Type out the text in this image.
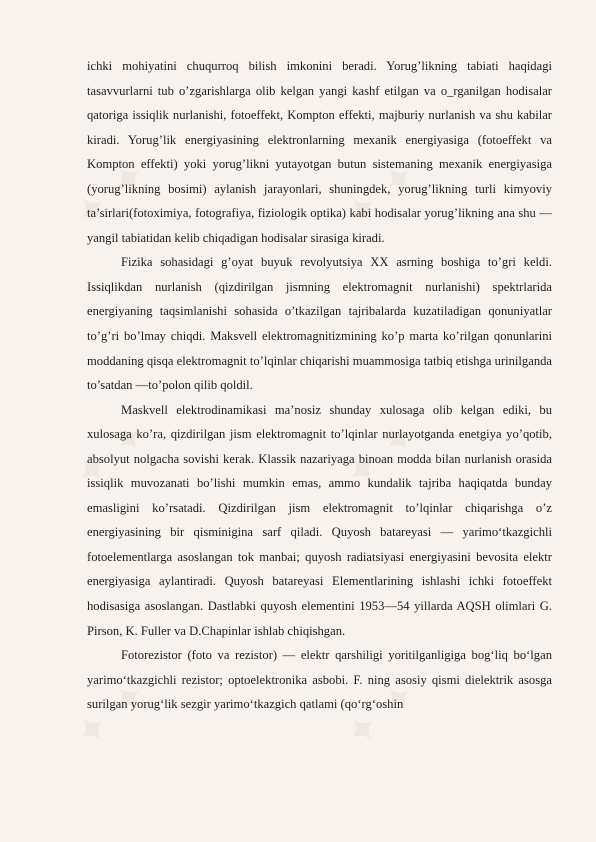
✦ ✦	✦ ✦
✦ ✦	✦ ✦
✦ ✦	✦ ✦

ichki mohiyatini chuqurroq bilish imkonini beradi. Yorug’likning tabiati haqidagi tasavvurlarni tub o’zgarishlarga olib kelgan yangi kashf etilgan va o_rganilgan hodisalar qatoriga issiqlik nurlanishi, fotoeffekt, Kompton effekti, majburiy nurlanish va shu kabilar kiradi. Yorug’lik energiyasining elektronlarning mexanik energiyasiga (fotoeffekt va Kompton effekti) yoki yorug’likni yutayotgan butun sistemaning mexanik energiyasiga (yorug’likning bosimi) aylanish jarayonlari, shuningdek, yorug’likning turli kimyoviy ta’sirlari(fotoximiya, fotografiya, fiziologik optika) kabi hodisalar yorug’likning ana shu —yangil tabiatidan kelib chiqadigan hodisalar sirasiga kiradi.

Fizika sohasidagi g’oyat buyuk revolyutsiya XX asrning boshiga to’gri keldi. Issiqlikdan nurlanish (qizdirilgan jismning elektromagnit nurlanishi) spektrlarida energiyaning taqsimlanishi sohasida o’tkazilgan tajribalarda kuzatiladigan qonuniyatlar to’g’ri bo’lmay chiqdi. Maksvell elektromagnitizmining ko’p marta ko’rilgan qonunlarini moddaning qisqa elektromagnit to’lqinlar chiqarishi muammosiga tatbiq etishga urinilganda to’satdan —to’polon qilib qoldil.

Maskvell elektrodinamikasi ma’nosiz shunday xulosaga olib kelgan ediki, bu xulosaga ko’ra, qizdirilgan jism elektromagnit to’lqinlar nurlayotganda enetgiya yo’qotib, absolyut nolgacha sovishi kerak. Klassik nazariyaga binoan modda bilan nurlanish orasida issiqlik muvozanati bo’lishi mumkin emas, ammo kundalik tajriba haqiqatda bunday emasligini ko’rsatadi. Qizdirilgan jism elektromagnit to’lqinlar chiqarishga o’z energiyasining bir qisminigina sarf qiladi. Quyosh batareyasi — yarimo‘tkazgichli fotoelementlarga asoslangan tok manbai; quyosh radiatsiyasi energiyasini bevosita elektr energiyasiga aylantiradi. Quyosh batareyasi Elementlarining ishlashi ichki fotoeffekt hodisasiga asoslangan. Dastlabki quyosh elementini 1953—54 yillarda AQSH olimlari G. Pirson, K. Fuller va D.Chapinlar ishlab chiqishgan.

Fotorezistor (foto va rezistor) — elektr qarshiligi yoritilganligiga bog‘liq bo‘lgan yarimo‘tkazgichli rezistor; optoelektronika asbobi. F. ning asosiy qismi dielektrik asosga surilgan yorug‘lik sezgir yarimo‘tkazgich qatlami (qo‘rg‘oshin
